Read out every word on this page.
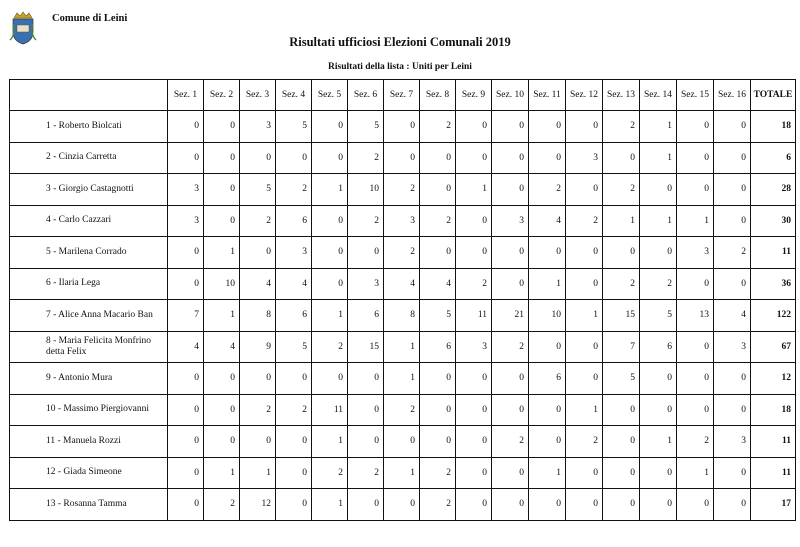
Comune di Leini
Risultati ufficiosi Elezioni Comunali 2019
Risultati della lista : Uniti per Leini
	Sez. 1	Sez. 2	Sez. 3	Sez. 4	Sez. 5	Sez. 6	Sez. 7	Sez. 8	Sez. 9	Sez. 10	Sez. 11	Sez. 12	Sez. 13	Sez. 14	Sez. 15	Sez. 16	TOTALE
1 - Roberto Biolcati	0	0	3	5	0	5	0	2	0	0	0	0	2	1	0	0	18
2 - Cinzia Carretta	0	0	0	0	0	2	0	0	0	0	0	3	0	1	0	0	6
3 - Giorgio Castagnotti	3	0	5	2	1	10	2	0	1	0	2	0	2	0	0	0	28
4 - Carlo Cazzari	3	0	2	6	0	2	3	2	0	3	4	2	1	1	1	0	30
5 - Marilena Corrado	0	1	0	3	0	0	2	0	0	0	0	0	0	0	3	2	11
6 - Ilaria Lega	0	10	4	4	0	3	4	4	2	0	1	0	2	2	0	0	36
7 - Alice Anna Macario Ban	7	1	8	6	1	6	8	5	11	21	10	1	15	5	13	4	122
8 - Maria Felicita Monfrino detta Felix	4	4	9	5	2	15	1	6	3	2	0	0	7	6	0	3	67
9 - Antonio Mura	0	0	0	0	0	0	1	0	0	0	6	0	5	0	0	0	12
10 - Massimo Piergiovanni	0	0	2	2	11	0	2	0	0	0	0	1	0	0	0	0	18
11 - Manuela Rozzi	0	0	0	0	1	0	0	0	0	2	0	2	0	1	2	3	11
12 - Giada Simeone	0	1	1	0	2	2	1	2	0	0	1	0	0	0	1	0	11
13 - Rosanna Tamma	0	2	12	0	1	0	0	2	0	0	0	0	0	0	0	0	17
